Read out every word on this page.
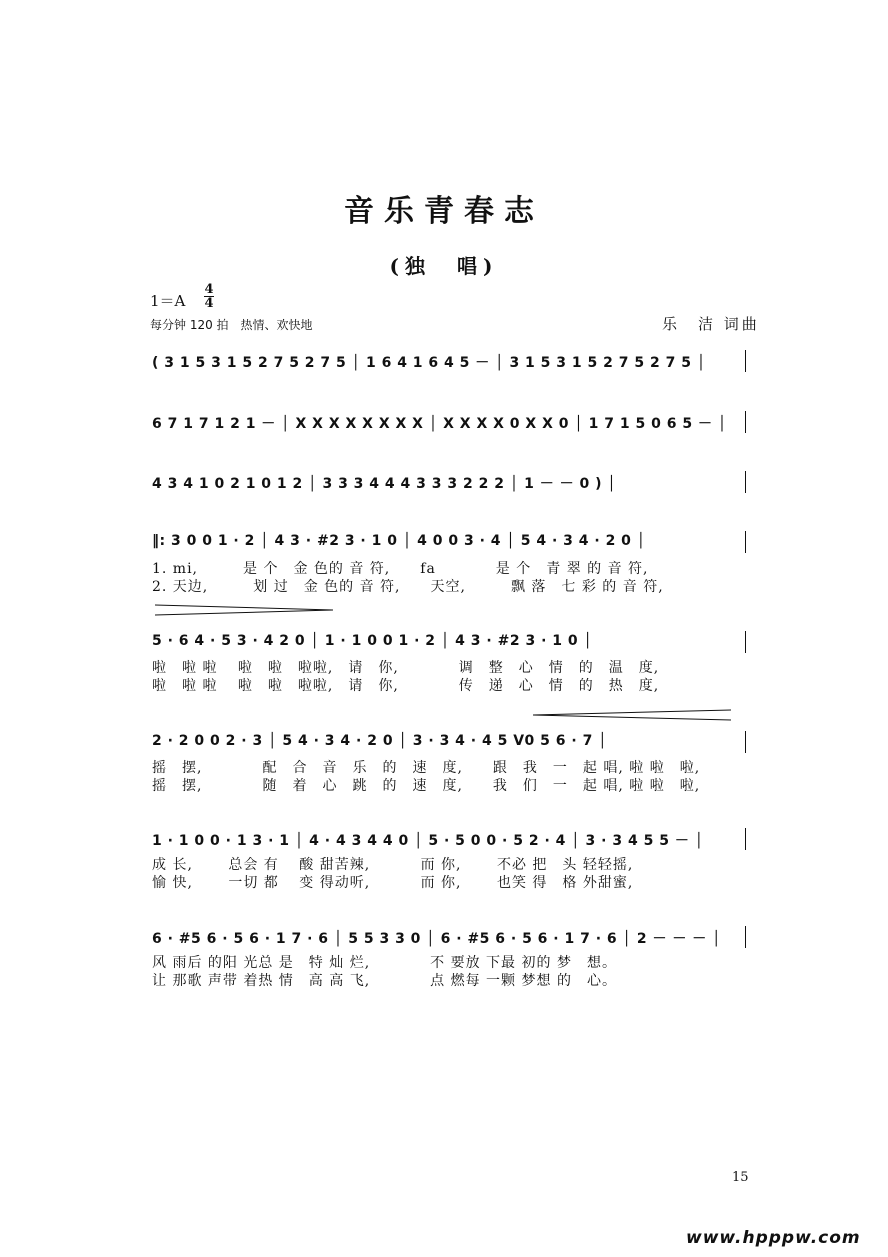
音乐青春志
(独　唱)
1＝A
4
4
每分钟 120 拍　热情、欢快地	乐　洁 词曲
( 3 1 5 3 1 5 2 7 5 2 7 5 │ 1 6 4 1 6 4 5 － │ 3 1 5 3 1 5 2 7 5 2 7 5 │
6 7 1 7 1 2 1 － │ X X X X X X X X │ X X X X 0 X X 0 │ 1 7 1 5 0 6 5 － │
4 3 4 1 0 2 1 0 1 2 │ 3 3 3 4 4 4 3 3 3 2 2 2 │ 1 － － 0 ) │
‖: 3 0 0 1 · 2 │ 4 3 · #2 3 · 1 0 │ 4 0 0 3 · 4 │ 5 4 · 3 4 · 2 0 │
1. mi,　　　是 个　金 色的 音 符,　　fa　　　　是 个　青 翠 的 音 符,
2. 天边,　　　划 过　金 色的 音 符,　　天空,　　　飘 落　七 彩 的 音 符,
5 · 6 4 · 5 3 · 4 2 0 │ 1 · 1 0 0 1 · 2 │ 4 3 · #2 3 · 1 0 │
啦　啦 啦　 啦　啦　啦啦,　请　你,　　　　调　整　心　情　的　温　度,
啦　啦 啦　 啦　啦　啦啦,　请　你,　　　　传　递　心　情　的　热　度,
2 · 2 0 0 2 · 3 │ 5 4 · 3 4 · 2 0 │ 3 · 3 4 · 4 5 V0 5 6 · 7 │
摇　摆,　　　　配　合　音　乐　的　速　度,　　跟　我　一　起 唱, 啦 啦　啦,
摇　摆,　　　　随　着　心　跳　的　速　度,　　我　们　一　起 唱, 啦 啦　啦,
1 · 1 0 0 · 1 3 · 1 │ 4 · 4 3 4 4 0 │ 5 · 5 0 0 · 5 2 · 4 │ 3 · 3 4 5 5 － │
成 长,　　 总会 有　 酸 甜苦辣,　　　 而 你,　　 不必 把　头 轻轻摇,
愉 快,　　 一切 都　 变 得动听,　　　 而 你,　　 也笑 得　格 外甜蜜,
6 · #5 6 · 5 6 · 1 7 · 6 │ 5 5 3 3 0 │ 6 · #5 6 · 5 6 · 1 7 · 6 │ 2 － － － │
风 雨后 的阳 光总 是　特 灿 烂,　　　　不 要放 下最 初的 梦　想。
让 那歌 声带 着热 情　高 高 飞,　　　　点 燃每 一颗 梦想 的　心。
15
www.hpppw.com
